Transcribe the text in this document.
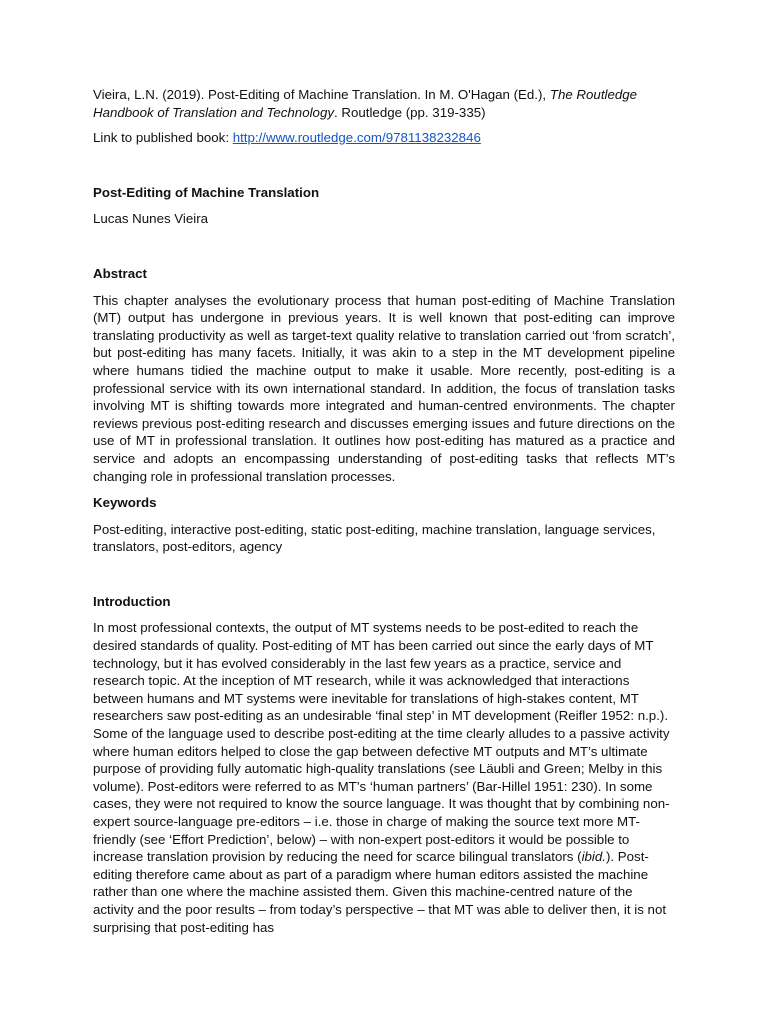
Vieira, L.N. (2019). Post-Editing of Machine Translation. In M. O'Hagan (Ed.), The Routledge Handbook of Translation and Technology. Routledge (pp. 319-335)

Link to published book: http://www.routledge.com/9781138232846

Post-Editing of Machine Translation

Lucas Nunes Vieira

Abstract

This chapter analyses the evolutionary process that human post-editing of Machine Translation (MT) output has undergone in previous years. It is well known that post-editing can improve translating productivity as well as target-text quality relative to translation carried out ‘from scratch’, but post-editing has many facets. Initially, it was akin to a step in the MT development pipeline where humans tidied the machine output to make it usable. More recently, post-editing is a professional service with its own international standard. In addition, the focus of translation tasks involving MT is shifting towards more integrated and human-centred environments. The chapter reviews previous post-editing research and discusses emerging issues and future directions on the use of MT in professional translation. It outlines how post-editing has matured as a practice and service and adopts an encompassing understanding of post-editing tasks that reflects MT’s changing role in professional translation processes.

Keywords

Post-editing, interactive post-editing, static post-editing, machine translation, language services, translators, post-editors, agency

Introduction

In most professional contexts, the output of MT systems needs to be post-edited to reach the desired standards of quality. Post-editing of MT has been carried out since the early days of MT technology, but it has evolved considerably in the last few years as a practice, service and research topic. At the inception of MT research, while it was acknowledged that interactions between humans and MT systems were inevitable for translations of high-stakes content, MT researchers saw post-editing as an undesirable ‘final step’ in MT development (Reifler 1952: n.p.). Some of the language used to describe post-editing at the time clearly alludes to a passive activity where human editors helped to close the gap between defective MT outputs and MT’s ultimate purpose of providing fully automatic high-quality translations (see Läubli and Green; Melby in this volume). Post-editors were referred to as MT’s ‘human partners’ (Bar-Hillel 1951: 230). In some cases, they were not required to know the source language. It was thought that by combining non-expert source-language pre-editors – i.e. those in charge of making the source text more MT-friendly (see ‘Effort Prediction’, below) – with non-expert post-editors it would be possible to increase translation provision by reducing the need for scarce bilingual translators (ibid.). Post-editing therefore came about as part of a paradigm where human editors assisted the machine rather than one where the machine assisted them. Given this machine-centred nature of the activity and the poor results – from today’s perspective – that MT was able to deliver then, it is not surprising that post-editing has
